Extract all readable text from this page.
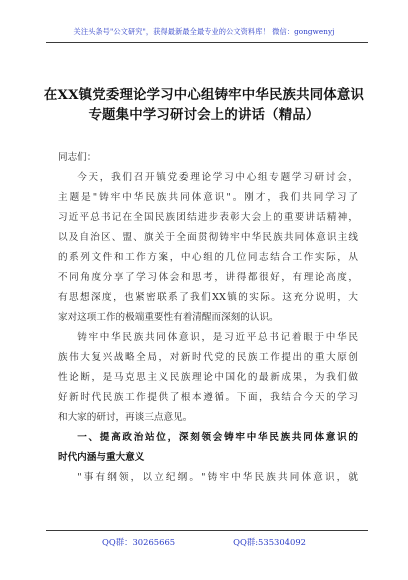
关注头条号"公文研究"，获得最新最全最专业的公文资料库！ 微信：gongwenyj
在XX镇党委理论学习中心组铸牢中华民族共同体意识
专题集中学习研讨会上的讲话（精品）
同志们：
今天，我们召开镇党委理论学习中心组专题学习研讨会，
主题是"铸牢中华民族共同体意识"。刚才，我们共同学习了
习近平总书记在全国民族团结进步表彰大会上的重要讲话精神，
以及自治区、盟、旗关于全面贯彻铸牢中华民族共同体意识主线
的系列文件和工作方案，中心组的几位同志结合工作实际，从
不同角度分享了学习体会和思考，讲得都很好，有理论高度，
有思想深度，也紧密联系了我们XX镇的实际。这充分说明，大
家对这项工作的极端重要性有着清醒而深刻的认识。
铸牢中华民族共同体意识，是习近平总书记着眼于中华民
族伟大复兴战略全局，对新时代党的民族工作提出的重大原创
性论断，是马克思主义民族理论中国化的最新成果，为我们做
好新时代民族工作提供了根本遵循。下面，我结合今天的学习
和大家的研讨，再谈三点意见。
一、提高政治站位，深刻领会铸牢中华民族共同体意识的
时代内涵与重大意义
"事有纲领，以立纪纲。"铸牢中华民族共同体意识，就
QQ群：30265665	QQ群:535304092
